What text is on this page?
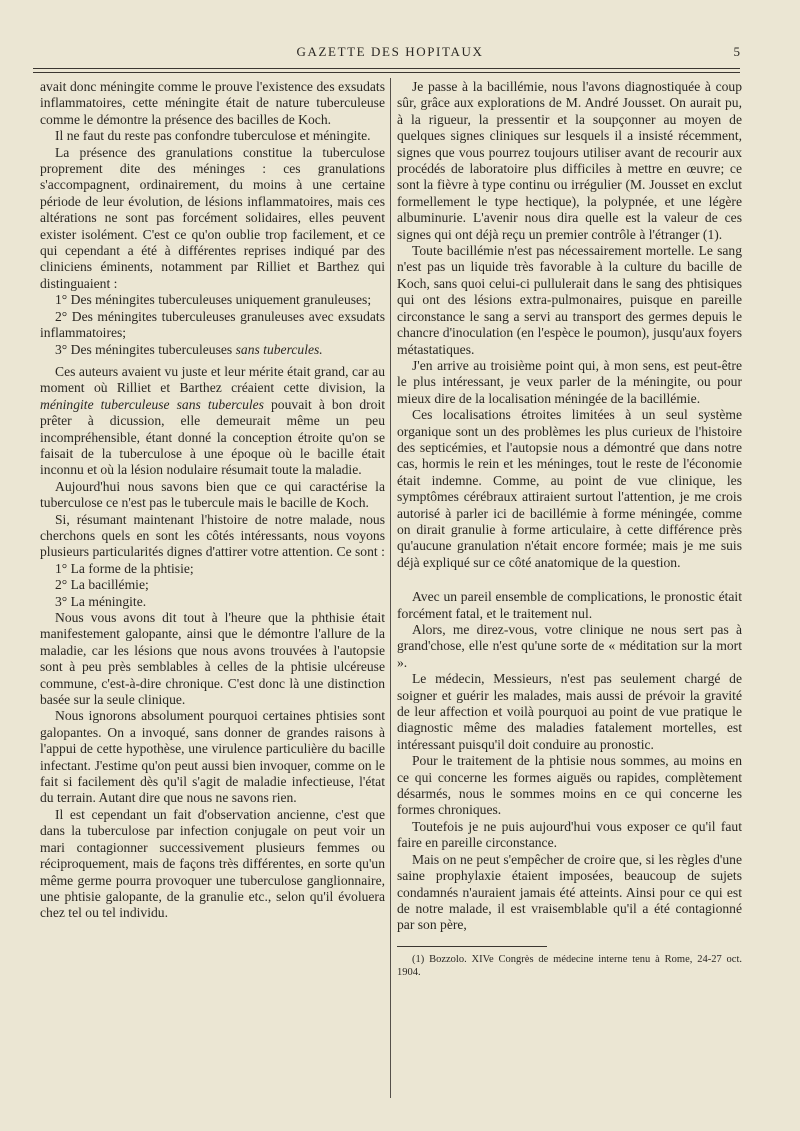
GAZETTE DES HOPITAUX	5

avait donc méningite comme le prouve l'existence des exsudats inflammatoires, cette méningite était de nature tuberculeuse comme le démontre la présence des bacilles de Koch.

Il ne faut du reste pas confondre tuberculose et méningite.

La présence des granulations constitue la tuberculose proprement dite des méninges : ces granulations s'accompagnent, ordinairement, du moins à une certaine période de leur évolution, de lésions inflammatoires, mais ces altérations ne sont pas forcément solidaires, elles peuvent exister isolément. C'est ce qu'on oublie trop facilement, et ce qui cependant a été à différentes reprises indiqué par des cliniciens éminents, notamment par Rilliet et Barthez qui distinguaient :

1° Des méningites tuberculeuses uniquement granuleuses;

2° Des méningites tuberculeuses granuleuses avec exsudats inflammatoires;

3° Des méningites tuberculeuses sans tubercules.

Ces auteurs avaient vu juste et leur mérite était grand, car au moment où Rilliet et Barthez créaient cette division, la méningite tuberculeuse sans tubercules pouvait à bon droit prêter à dicussion, elle demeurait même un peu incompréhensible, étant donné la conception étroite qu'on se faisait de la tuberculose à une époque où le bacille était inconnu et où la lésion nodulaire résumait toute la maladie.

Aujourd'hui nous savons bien que ce qui caractérise la tuberculose ce n'est pas le tubercule mais le bacille de Koch.

Si, résumant maintenant l'histoire de notre malade, nous cherchons quels en sont les côtés intéressants, nous voyons plusieurs particularités dignes d'attirer votre attention. Ce sont :

1° La forme de la phtisie;

2° La bacillémie;

3° La méningite.

Nous vous avons dit tout à l'heure que la phthisie était manifestement galopante, ainsi que le démontre l'allure de la maladie, car les lésions que nous avons trouvées à l'autopsie sont à peu près semblables à celles de la phtisie ulcéreuse commune, c'est-à-dire chronique. C'est donc là une distinction basée sur la seule clinique.

Nous ignorons absolument pourquoi certaines phtisies sont galopantes. On a invoqué, sans donner de grandes raisons à l'appui de cette hypothèse, une virulence particulière du bacille infectant. J'estime qu'on peut aussi bien invoquer, comme on le fait si facilement dès qu'il s'agit de maladie infectieuse, l'état du terrain. Autant dire que nous ne savons rien.

Il est cependant un fait d'observation ancienne, c'est que dans la tuberculose par infection conjugale on peut voir un mari contagionner successivement plusieurs femmes ou réciproquement, mais de façons très différentes, en sorte qu'un même germe pourra provoquer une tuberculose ganglionnaire, une phtisie galopante, de la granulie etc., selon qu'il évoluera chez tel ou tel individu.

Je passe à la bacillémie, nous l'avons diagnostiquée à coup sûr, grâce aux explorations de M. André Jousset. On aurait pu, à la rigueur, la pressentir et la soupçonner au moyen de quelques signes cliniques sur lesquels il a insisté récemment, signes que vous pourrez toujours utiliser avant de recourir aux procédés de laboratoire plus difficiles à mettre en œuvre; ce sont la fièvre à type continu ou irrégulier (M. Jousset en exclut formellement le type hectique), la polypnée, et une légère albuminurie. L'avenir nous dira quelle est la valeur de ces signes qui ont déjà reçu un premier contrôle à l'étranger (1).

Toute bacillémie n'est pas nécessairement mortelle. Le sang n'est pas un liquide très favorable à la culture du bacille de Koch, sans quoi celui-ci pullulerait dans le sang des phtisiques qui ont des lésions extra-pulmonaires, puisque en pareille circonstance le sang a servi au transport des germes depuis le chancre d'inoculation (en l'espèce le poumon), jusqu'aux foyers métastatiques.

J'en arrive au troisième point qui, à mon sens, est peut-être le plus intéressant, je veux parler de la méningite, ou pour mieux dire de la localisation méningée de la bacillémie.

Ces localisations étroites limitées à un seul système organique sont un des problèmes les plus curieux de l'histoire des septicémies, et l'autopsie nous a démontré que dans notre cas, hormis le rein et les méninges, tout le reste de l'économie était indemne. Comme, au point de vue clinique, les symptômes cérébraux attiraient surtout l'attention, je me crois autorisé à parler ici de bacillémie à forme méningée, comme on dirait granulie à forme articulaire, à cette différence près qu'aucune granulation n'était encore formée; mais je me suis déjà expliqué sur ce côté anatomique de la question.

Avec un pareil ensemble de complications, le pronostic était forcément fatal, et le traitement nul.

Alors, me direz-vous, votre clinique ne nous sert pas à grand'chose, elle n'est qu'une sorte de « méditation sur la mort ».

Le médecin, Messieurs, n'est pas seulement chargé de soigner et guérir les malades, mais aussi de prévoir la gravité de leur affection et voilà pourquoi au point de vue pratique le diagnostic même des maladies fatalement mortelles, est intéressant puisqu'il doit conduire au pronostic.

Pour le traitement de la phtisie nous sommes, au moins en ce qui concerne les formes aiguës ou rapides, complètement désarmés, nous le sommes moins en ce qui concerne les formes chroniques.

Toutefois je ne puis aujourd'hui vous exposer ce qu'il faut faire en pareille circonstance.

Mais on ne peut s'empêcher de croire que, si les règles d'une saine prophylaxie étaient imposées, beaucoup de sujets condamnés n'auraient jamais été atteints. Ainsi pour ce qui est de notre malade, il est vraisemblable qu'il a été contagionné par son père,

(1) Bozzolo. XIVe Congrès de médecine interne tenu à Rome, 24-27 oct. 1904.
